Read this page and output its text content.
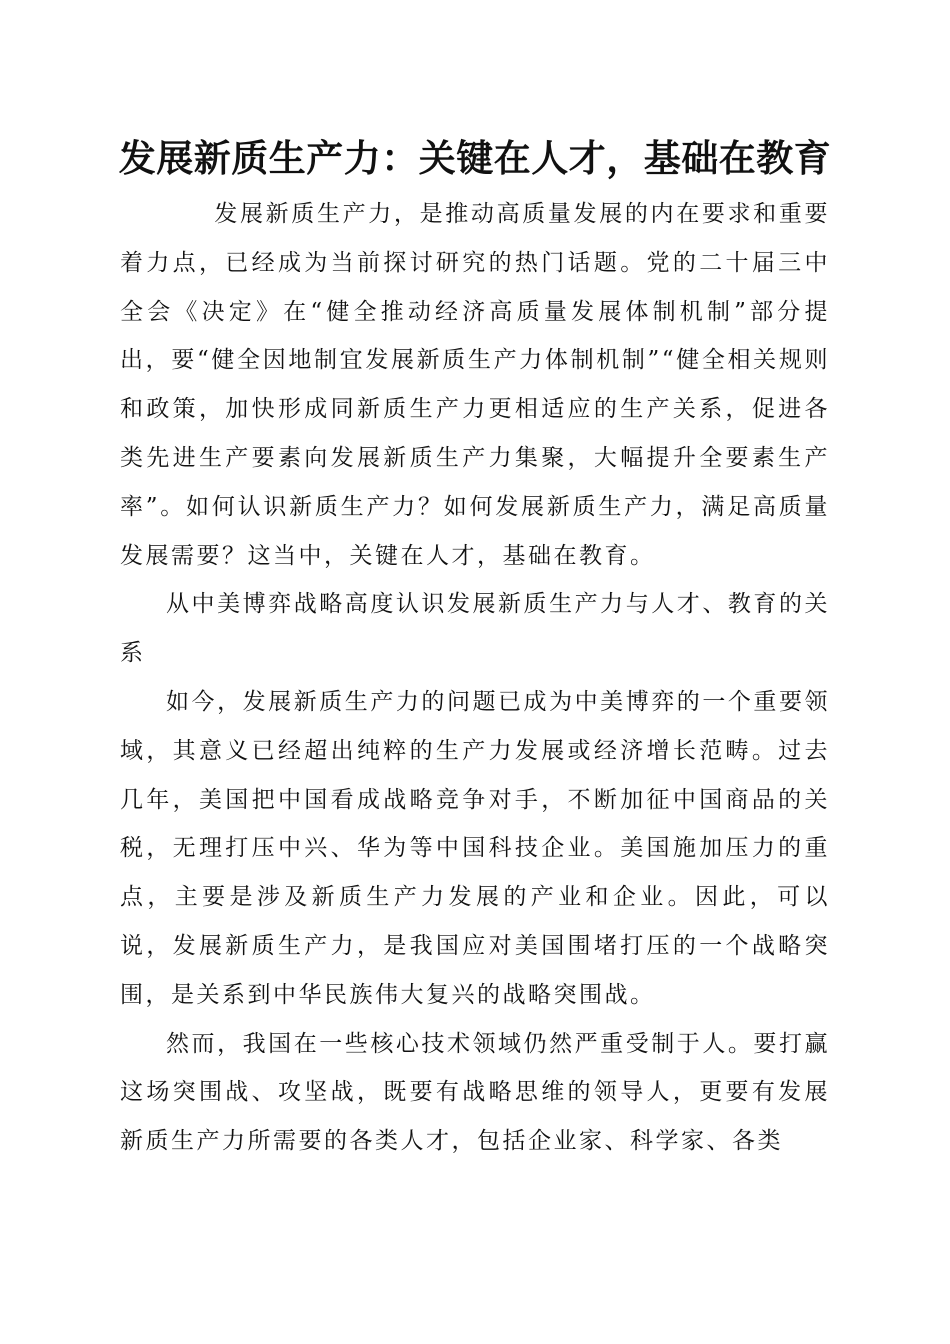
发展新质生产力：关键在人才，基础在教育

发展新质生产力，是推动高质量发展的内在要求和重要着力点，已经成为当前探讨研究的热门话题。党的二十届三中全会《决定》在“健全推动经济高质量发展体制机制”部分提出，要“健全因地制宜发展新质生产力体制机制”“健全相关规则和政策，加快形成同新质生产力更相适应的生产关系，促进各类先进生产要素向发展新质生产力集聚，大幅提升全要素生产率”。如何认识新质生产力？如何发展新质生产力，满足高质量发展需要？这当中，关键在人才，基础在教育。

从中美博弈战略高度认识发展新质生产力与人才、教育的关系

如今，发展新质生产力的问题已成为中美博弈的一个重要领域，其意义已经超出纯粹的生产力发展或经济增长范畴。过去几年，美国把中国看成战略竞争对手，不断加征中国商品的关税，无理打压中兴、华为等中国科技企业。美国施加压力的重点，主要是涉及新质生产力发展的产业和企业。因此，可以说，发展新质生产力，是我国应对美国围堵打压的一个战略突围，是关系到中华民族伟大复兴的战略突围战。

然而，我国在一些核心技术领域仍然严重受制于人。要打赢这场突围战、攻坚战，既要有战略思维的领导人，更要有发展新质生产力所需要的各类人才，包括企业家、科学家、各类
